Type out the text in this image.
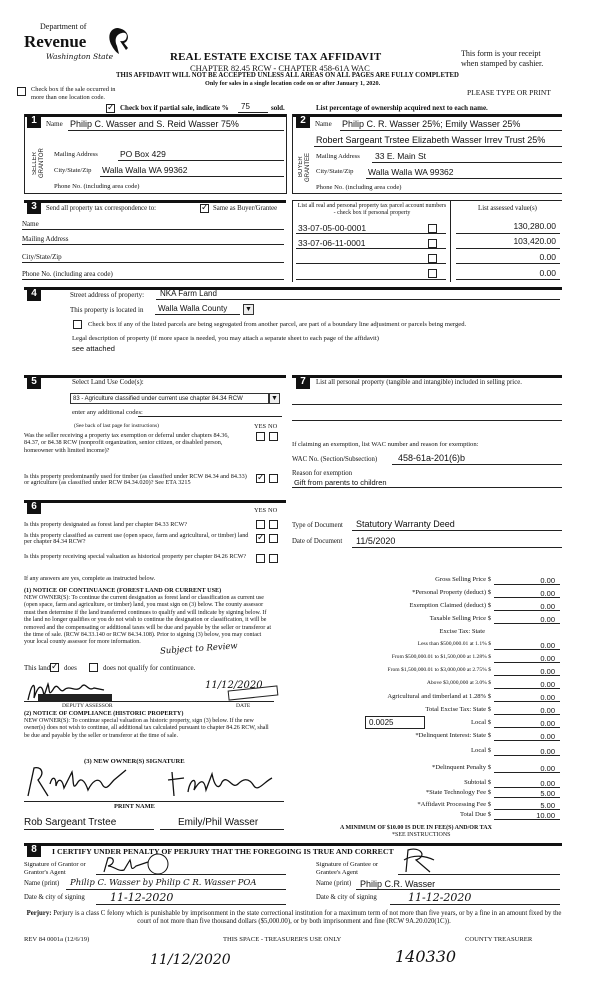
Department of
Revenue
Washington State	REAL ESTATE EXCISE TAX AFFIDAVIT
CHAPTER 82.45 RCW - CHAPTER 458-61A WAC
THIS AFFIDAVIT WILL NOT BE ACCEPTED UNLESS ALL AREAS ON ALL PAGES ARE FULLY COMPLETED
Only for sales in a single location code on or after January 1, 2020.
This form is your receipt
when stamped by cashier.
PLEASE TYPE OR PRINT
Check box if the sale occurred in more than one location code.
✓
Check box if partial sale, indicate % 75	sold.	List percentage of ownership acquired next to each name.
1	2
Name Philip C. Wasser and S. Reid Wasser 75%
SELLER GRANTOR	Mailing Address	PO Box 429
City/State/Zip Walla Walla WA 99362
Phone No. (including area code)
Name Philip C. R. Wasser 25%; Emily Wasser 25%
Robert Sargeant Trstee Elizabeth Wasser Irrev Trust 25%
BUYER GRANTEE Mailing Address 33 E. Main St
City/State/Zip Walla Walla WA 99362
Phone No. (including area code)
3	Send all property tax correspondence to: ✓	Same as Buyer/Grantee
Name
Mailing Address
City/State/Zip
Phone No. (including area code)
List all real and personal property tax parcel account numbers - check box if personal property
List assessed value(s)
33-07-05-00-0001	130,280.00
33-07-06-11-0001	103,420.00
0.00
0.00
4	Street address of property: NKA Farm Land
This property is located in Walla Walla County	▼
Check box if any of the listed parcels are being segregated from another parcel, are part of a boundary line adjustment or parcels being merged.
Legal description of property (if more space is needed, you may attach a separate sheet to each page of the affidavit)
see attached
5	Select Land Use Code(s):
83 - Agriculture classified under current use chapter 84.34 RCW	▼
enter any additional codes:
(See back of last page for instructions)	YES NO

Was the seller receiving a property tax exemption or deferral under chapters 84.36, 84.37, or 84.38 RCW (nonprofit organization, senior citizen, or disabled person, homeowner with limited income)?

Is this property predominantly used for timber (as classified under RCW 84.34 and 84.33) or agriculture (as classified under RCW 84.34.020)? See ETA 3215

✓
6	YES NO

Is this property designated as forest land per chapter 84.33 RCW?

Is this property classified as current use (open space, farm and agricultural, or timber) land per chapter 84.34 RCW?

✓

Is this property receiving special valuation as historical property per chapter 84.26 RCW?

If any answers are yes, complete as instructed below.

(1) NOTICE OF CONTINUANCE (FOREST LAND OR CURRENT USE)

NEW OWNER(S): To continue the current designation as forest land or classification as current use (open space, farm and agriculture, or timber) land, you must sign on (3) below. The county assessor must then determine if the land transferred continues to qualify and will indicate by signing below. If the land no longer qualifies or you do not wish to continue the designation or classification, it will be removed and the compensating or additional taxes will be due and payable by the seller or transferor at the time of sale. (RCW 84.33.140 or RCW 84.34.108). Prior to signing (3) below, you may contact your local county assessor for more information.	Subject to Review
This land ✓ does	does not qualify for continuance.
11/12/2020
DEPUTY ASSESSOR	DATE

(2) NOTICE OF COMPLIANCE (HISTORIC PROPERTY)

NEW OWNER(S): To continue special valuation as historic property, sign (3) below. If the new owner(s) does not wish to continue, all additional tax calculated pursuant to chapter 84.26 RCW, shall be due and payable by the seller or transferor at the time of sale.

(3) NEW OWNER(S) SIGNATURE
PRINT NAME
Rob Sargeant Trstee	Emily/Phil Wasser
7	List all personal property (tangible and intangible) included in selling price.
If claiming an exemption, list WAC number and reason for exemption:
WAC No. (Section/Subsection) 458-61a-201(6)b
Reason for exemption
Gift from parents to children
Type of Document Statutory Warranty Deed
Date of Document 11/5/2020
Gross Selling Price $	0.00
*Personal Property (deduct) $	0.00
Exemption Claimed (deduct) $	0.00
Taxable Selling Price $	0.00
Excise Tax: State
Less than $500,000.01 at 1.1% $	0.00
From $500,000.01 to $1,500,000 at 1.28% $	0.00
From $1,500,000.01 to $3,000,000 at 2.75% $	0.00
Above $3,000,000 at 3.0% $	0.00
Agricultural and timberland at 1.28% $	0.00
Total Excise Tax: State $	0.00
0.0025	Local $	0.00
*Delinquent Interest: State $	0.00
Local $	0.00
*Delinquent Penalty $	0.00
Subtotal $	0.00
*State Technology Fee $	5.00
*Affidavit Processing Fee $	5.00
Total Due $	10.00
A MINIMUM OF $10.00 IS DUE IN FEE(S) AND/OR TAX
*SEE INSTRUCTIONS
8	I CERTIFY UNDER PENALTY OF PERJURY THAT THE FOREGOING IS TRUE AND CORRECT

Signature of Grantor or Grantor's Agent

Signature of Grantee or Grantee's Agent

Name (print) Philip C. Wasser by Philip C R. Wasser POA	Name (print) Philip C.R. Wasser
Date & city of signing 11-12-2020	Date & city of signing	11-12-2020
Perjury: Perjury is a class C felony which is punishable by imprisonment in the state correctional institution for a maximum term of not more than five years, or by a fine in an amount fixed by the court of not more than five thousand dollars ($5,000.00), or by both imprisonment and fine (RCW 9A.20.020(1C)).
REV 84 0001a (12/6/19)	THIS SPACE - TREASURER'S USE ONLY	COUNTY TREASURER
11/12/2020	140330
